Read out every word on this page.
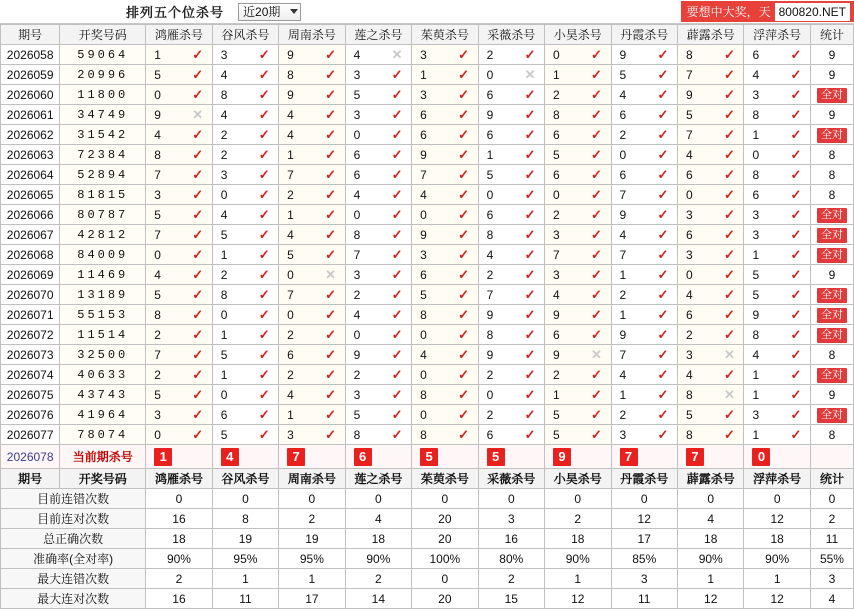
排列五个位杀号 近20期	要想中大奖，天 800820.NET
期号	开奖号码	鸿雁杀号	谷风杀号	周南杀号	莲之杀号	茱萸杀号	采薇杀号	小昊杀号	丹霞杀号	薜露杀号	浮萍杀号	统计
2026058	59064	1 ✓	3 ✓	9 ✓	4 ✕	3 ✓	2 ✓	0 ✓	9 ✓	8 ✓	6 ✓	9
2026059	20996	5 ✓	4 ✓	8 ✓	3 ✓	1 ✓	0 ✕	1 ✓	5 ✓	7 ✓	4 ✓	9
2026060	11800	0 ✓	8 ✓	9 ✓	5 ✓	3 ✓	6 ✓	2 ✓	4 ✓	9 ✓	3 ✓	全对
2026061	34749	9 ✕	4 ✓	4 ✓	3 ✓	6 ✓	9 ✓	8 ✓	6 ✓	5 ✓	8 ✓	9
2026062	31542	4 ✓	2 ✓	4 ✓	0 ✓	6 ✓	6 ✓	6 ✓	2 ✓	7 ✓	1 ✓	全对
2026063	72384	8 ✓	2 ✓	1 ✓	6 ✓	9 ✓	1 ✓	5 ✓	0 ✓	4 ✓	0 ✓	8
2026064	52894	7 ✓	3 ✓	7 ✓	6 ✓	7 ✓	5 ✓	6 ✓	6 ✓	6 ✓	8 ✓	8
2026065	81815	3 ✓	0 ✓	2 ✓	4 ✓	4 ✓	0 ✓	0 ✓	7 ✓	0 ✓	6 ✓	8
2026066	80787	5 ✓	4 ✓	1 ✓	0 ✓	0 ✓	6 ✓	2 ✓	9 ✓	3 ✓	3 ✓	全对
2026067	42812	7 ✓	5 ✓	4 ✓	8 ✓	9 ✓	8 ✓	3 ✓	4 ✓	6 ✓	3 ✓	全对
2026068	84009	0 ✓	1 ✓	5 ✓	7 ✓	3 ✓	4 ✓	7 ✓	7 ✓	3 ✓	1 ✓	全对
2026069	11469	4 ✓	2 ✓	0 ✕	3 ✓	6 ✓	2 ✓	3 ✓	1 ✓	0 ✓	5 ✓	9
2026070	13189	5 ✓	8 ✓	7 ✓	2 ✓	5 ✓	7 ✓	4 ✓	2 ✓	4 ✓	5 ✓	全对
2026071	55153	8 ✓	0 ✓	0 ✓	4 ✓	8 ✓	9 ✓	9 ✓	1 ✓	6 ✓	9 ✓	全对
2026072	11514	2 ✓	1 ✓	2 ✓	0 ✓	0 ✓	8 ✓	6 ✓	9 ✓	2 ✓	8 ✓	全对
2026073	32500	7 ✓	5 ✓	6 ✓	9 ✓	4 ✓	9 ✓	9 ✕	7 ✓	3 ✕	4 ✓	8
2026074	40633	2 ✓	1 ✓	2 ✓	2 ✓	0 ✓	2 ✓	2 ✓	4 ✓	4 ✓	1 ✓	全对
2026075	43743	5 ✓	0 ✓	4 ✓	3 ✓	8 ✓	0 ✓	1 ✓	1 ✓	8 ✕	1 ✓	9
2026076	41964	3 ✓	6 ✓	1 ✓	5 ✓	0 ✓	2 ✓	5 ✓	2 ✓	5 ✓	3 ✓	全对
2026077	78074	0 ✓	5 ✓	3 ✓	8 ✓	8 ✓	6 ✓	5 ✓	3 ✓	8 ✓	1 ✓	8
2026078	当前期杀号	1	4	7	6	5	5	9	7	7	0	

期号	开奖号码	鸿雁杀号	谷风杀号	周南杀号	莲之杀号	茱萸杀号	采薇杀号	小昊杀号	丹霞杀号	薜露杀号	浮萍杀号	统计
目前连错次数		0	0	0	0	0	0	0	0	0	0	0
目前连对次数		16	8	2	4	20	3	2	12	4	12	2
总正确次数		18	19	19	18	20	16	18	17	18	18	11
准确率(全对率)		90%	95%	95%	90%	100%	80%	90%	85%	90%	90%	55%
最大连错次数		2	1	1	2	0	2	1	3	1	1	3
最大连对次数		16	11	17	14	20	15	12	11	12	12	4
